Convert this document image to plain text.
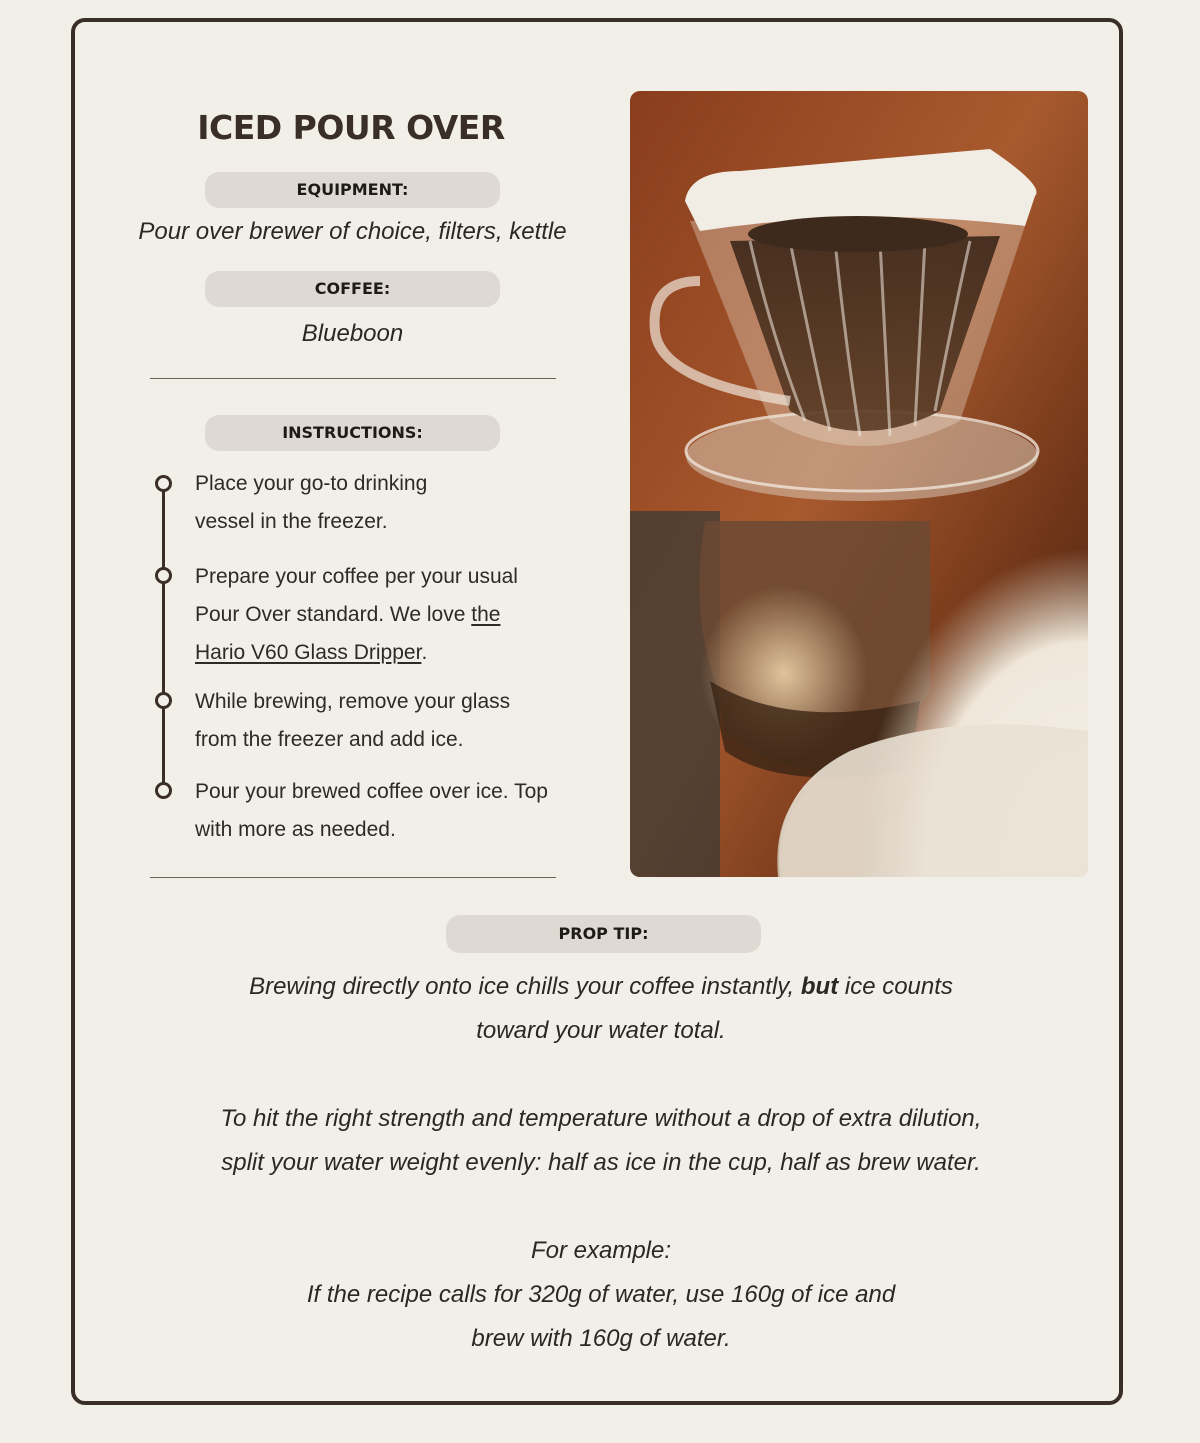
ICED POUR OVER
EQUIPMENT:
Pour over brewer of choice, filters, kettle
COFFEE:
Blueboon
INSTRUCTIONS:
Place your go-to drinking vessel in the freezer.
Prepare your coffee per your usual Pour Over standard. We love the Hario V60 Glass Dripper.
While brewing, remove your glass from the freezer and add ice.
Pour your brewed coffee over ice. Top with more as needed.
PROP TIP:
Brewing directly onto ice chills your coffee instantly, but ice counts toward your water total.
To hit the right strength and temperature without a drop of extra dilution, split your water weight evenly: half as ice in the cup, half as brew water.

For example:

If the recipe calls for 320g of water, use 160g of ice and brew with 160g of water.
